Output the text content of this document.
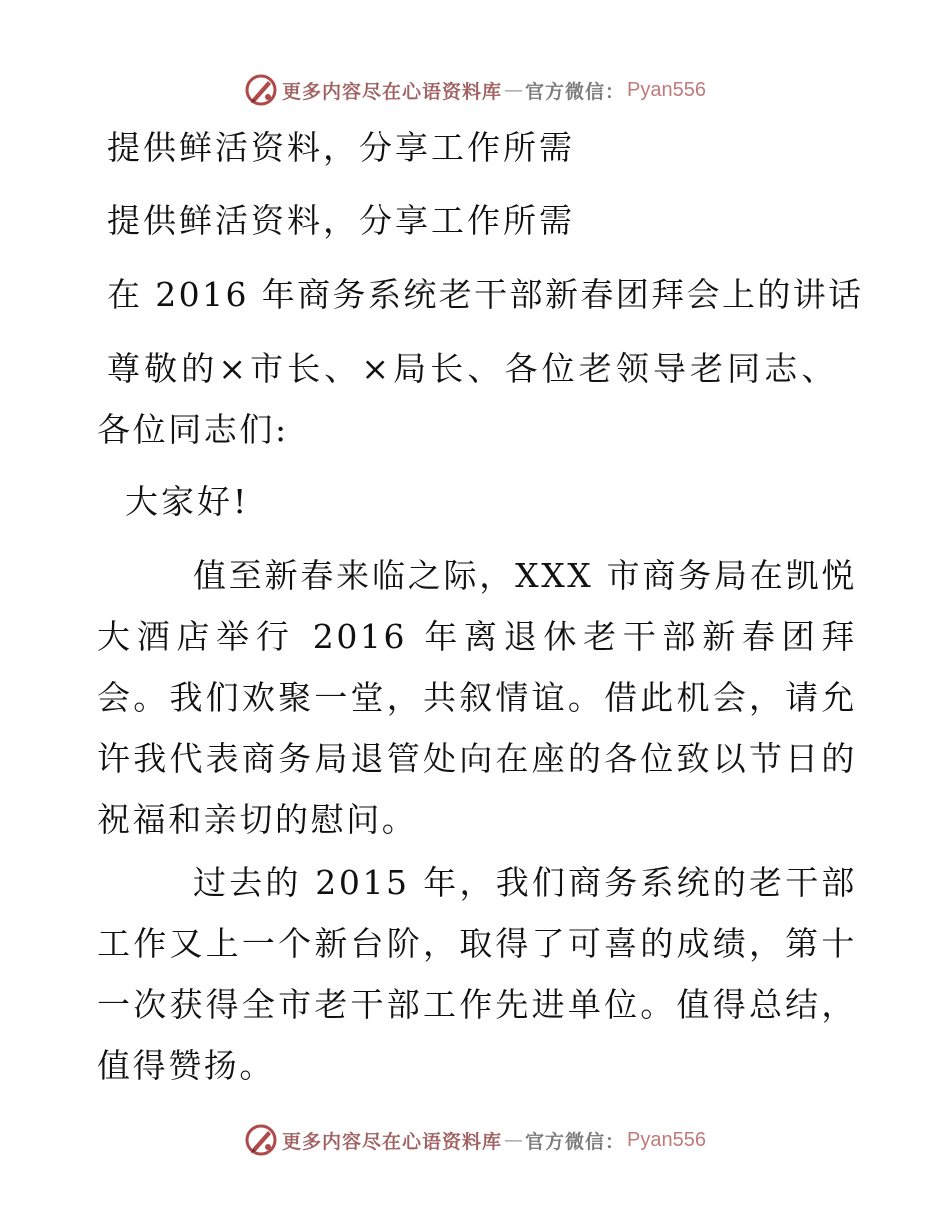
更多内容尽在心语资料库 — 官方微信： Pyan556
提供鲜活资料，分享工作所需
提供鲜活资料，分享工作所需
在 2016 年商务系统老干部新春团拜会上的讲话
尊敬的×市长、×局长、各位老领导老同志、各位同志们:
大家好!
值至新春来临之际，XXX 市商务局在凯悦大酒店举行 2016 年离退休老干部新春团拜会。我们欢聚一堂，共叙情谊。借此机会，请允许我代表商务局退管处向在座的各位致以节日的祝福和亲切的慰问。
过去的 2015 年，我们商务系统的老干部工作又上一个新台阶，取得了可喜的成绩，第十一次获得全市老干部工作先进单位。值得总结，值得赞扬。
更多内容尽在心语资料库 — 官方微信： Pyan556
